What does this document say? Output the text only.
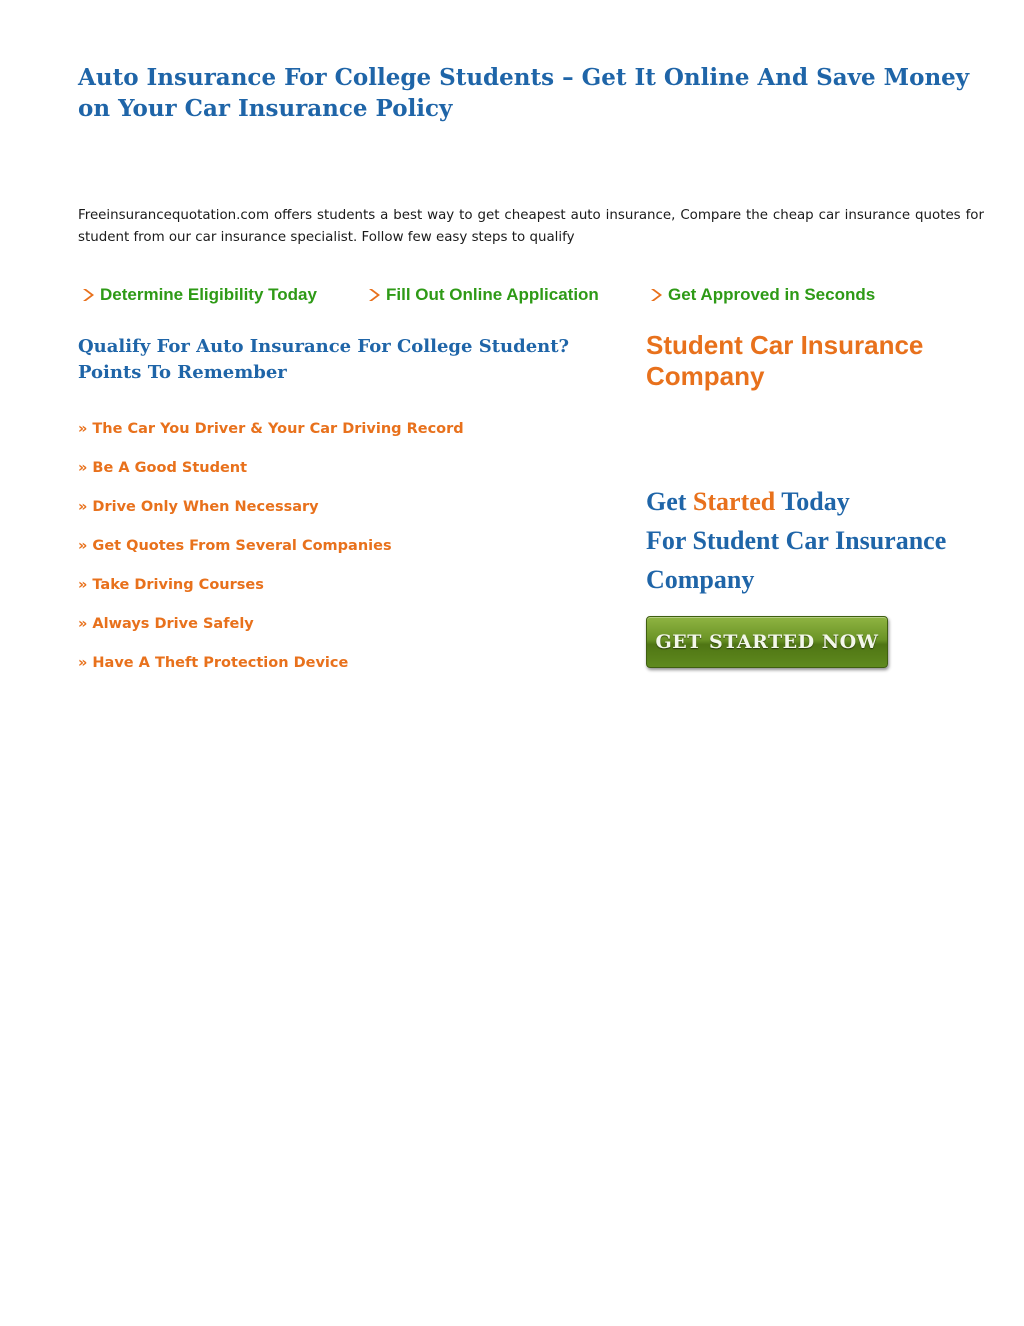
Auto Insurance For College Students – Get It Online And Save Money on Your Car Insurance Policy

Freeinsurancequotation.com offers students a best way to get cheapest auto insurance, Compare the cheap car insurance quotes for student from our car insurance specialist. Follow few easy steps to qualify

Determine Eligibility Today	Fill Out Online Application	Get Approved in Seconds
Qualify For Auto Insurance For College Student? Points To Remember
» The Car You Driver & Your Car Driving Record
» Be A Good Student
» Drive Only When Necessary
» Get Quotes From Several Companies
» Take Driving Courses
» Always Drive Safely
» Have A Theft Protection Device
Student Car Insurance Company
Get Started Today
For Student Car Insurance Company
GET STARTED NOW
